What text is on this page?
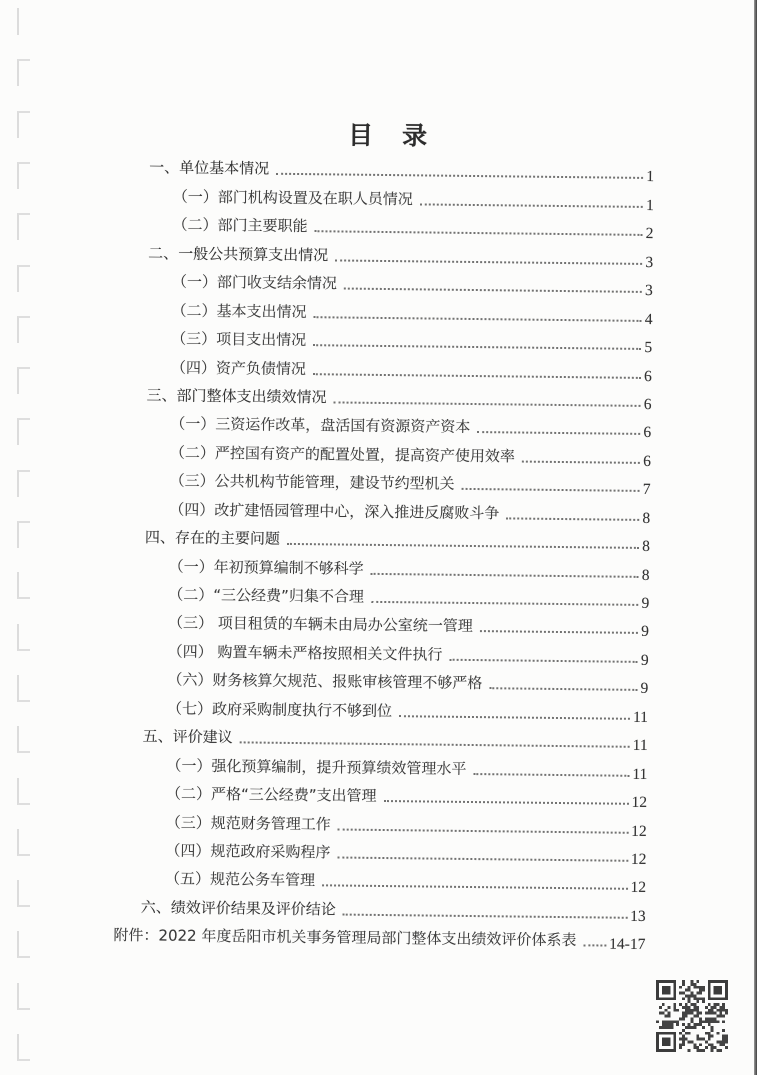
目　录
一、单位基本情况	1
（一）部门机构设置及在职人员情况	1
（二）部门主要职能	2
二、一般公共预算支出情况	3
（一）部门收支结余情况	3
（二）基本支出情况	4
（三）项目支出情况	5
（四）资产负债情况	6
三、部门整体支出绩效情况	6
（一）三资运作改革，盘活国有资源资产资本	6
（二）严控国有资产的配置处置，提高资产使用效率	6
（三）公共机构节能管理，建设节约型机关	7
（四）改扩建悟园管理中心，深入推进反腐败斗争	8
四、存在的主要问题	8
（一）年初预算编制不够科学	8
（二）“三公经费”归集不合理	9
（三） 项目租赁的车辆未由局办公室统一管理	9
（四） 购置车辆未严格按照相关文件执行	9
（六）财务核算欠规范、报账审核管理不够严格	9
（七）政府采购制度执行不够到位	11
五、评价建议	11
（一）强化预算编制，提升预算绩效管理水平	11
（二）严格“三公经费”支出管理	12
（三）规范财务管理工作	12
（四）规范政府采购程序	12
（五）规范公务车管理	12
六、绩效评价结果及评价结论	13
附件：2022 年度岳阳市机关事务管理局部门整体支出绩效评价体系表 14-17
